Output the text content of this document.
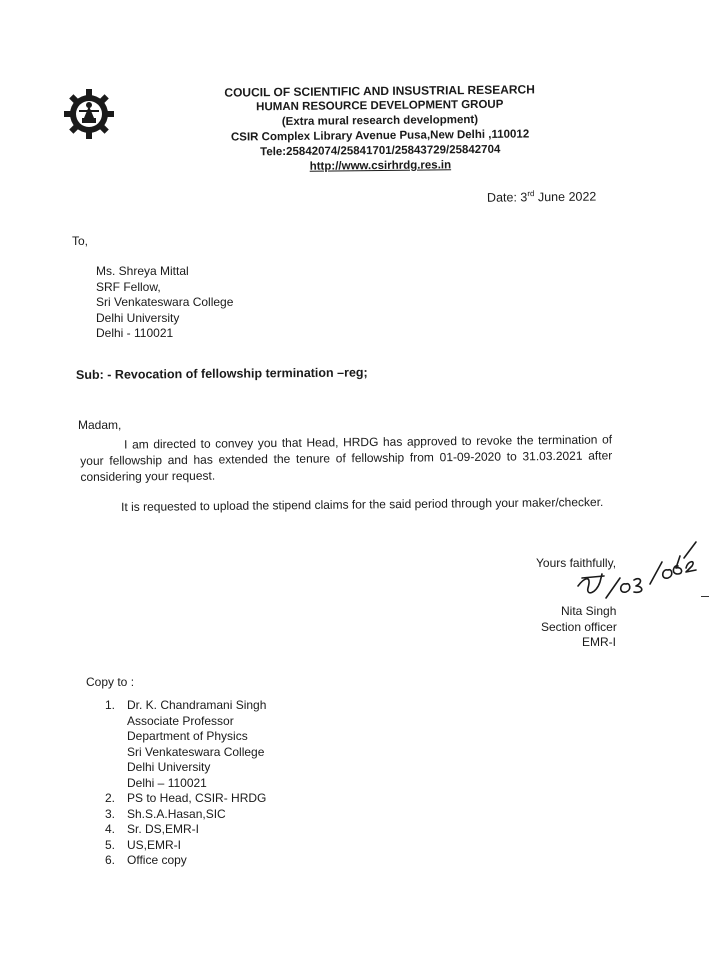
COUCIL OF SCIENTIFIC AND INSUSTRIAL RESEARCH
HUMAN RESOURCE DEVELOPMENT GROUP
(Extra mural research development)
CSIR Complex Library Avenue Pusa,New Delhi ,110012
Tele:25842074/25841701/25843729/25842704
http://www.csirhrdg.res.in
Date: 3rd June 2022
To,
Ms. Shreya Mittal
SRF Fellow,
Sri Venkateswara College
Delhi University
Delhi - 110021
Sub: - Revocation of fellowship termination –reg;
Madam,
I am directed to convey you that Head, HRDG has approved to revoke the termination of your fellowship and has extended the tenure of fellowship from 01-09-2020 to 31.03.2021 after considering your request.
It is requested to upload the stipend claims for the said period through your maker/checker.
Yours faithfully,
Nita Singh
Section officer
EMR-I
Copy to :
1. Dr. K. Chandramani Singh
Associate Professor
Department of Physics
Sri Venkateswara College
Delhi University
Delhi – 110021
2. PS to Head, CSIR- HRDG
3. Sh.S.A.Hasan,SIC
4. Sr. DS,EMR-I
5. US,EMR-I
6. Office copy
